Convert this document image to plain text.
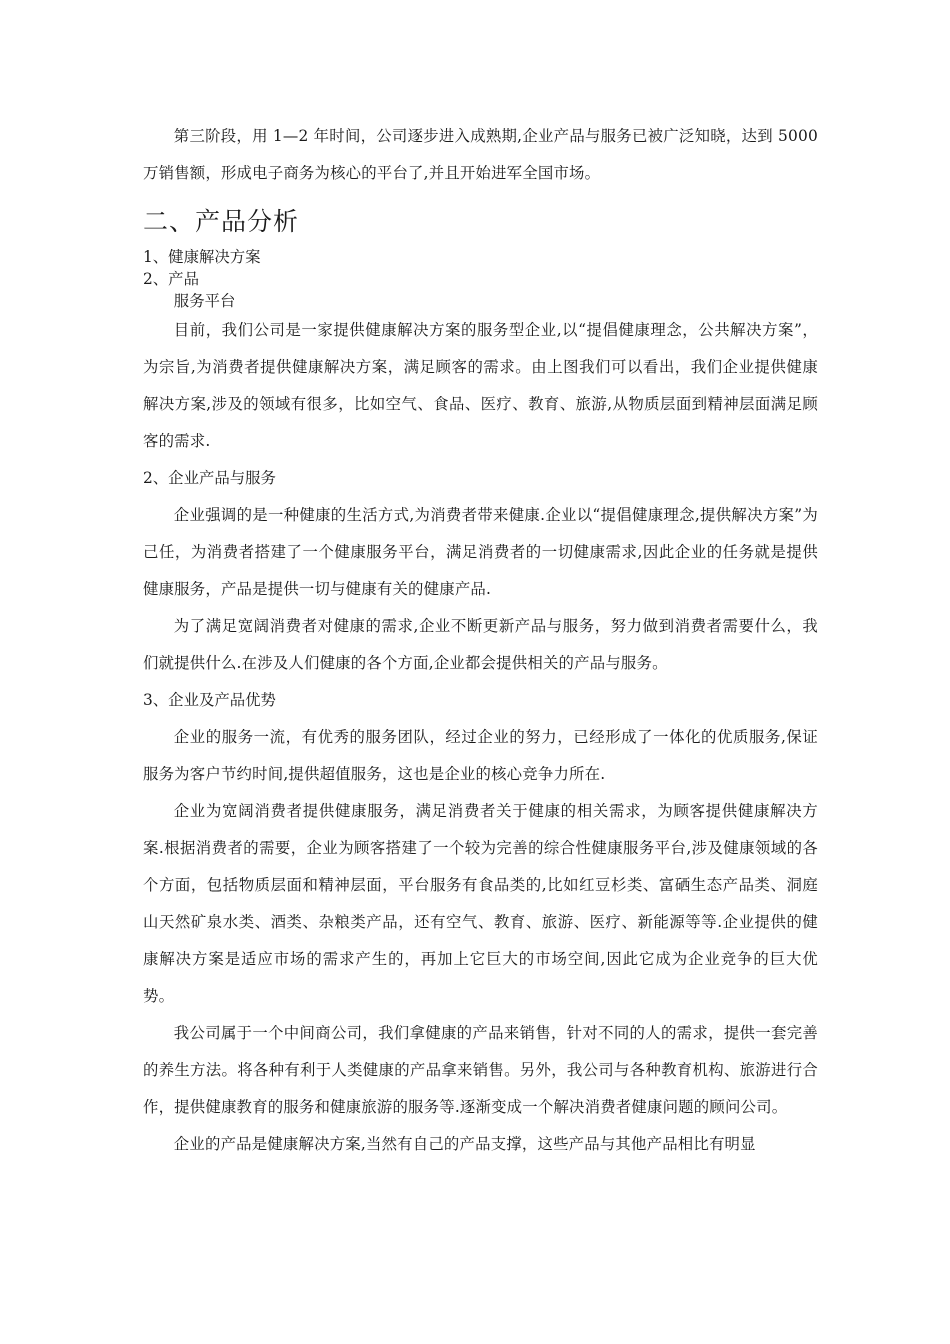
第三阶段，用 1—2 年时间，公司逐步进入成熟期,企业产品与服务已被广泛知晓，达到 5000 万销售额，形成电子商务为核心的平台了,并且开始进军全国市场。

二、产品分析

1、健康解决方案

2、产品

服务平台

目前，我们公司是一家提供健康解决方案的服务型企业,以“提倡健康理念，公共解决方案”，为宗旨,为消费者提供健康解决方案，满足顾客的需求。由上图我们可以看出，我们企业提供健康解决方案,涉及的领域有很多，比如空气、食品、医疗、教育、旅游,从物质层面到精神层面满足顾客的需求.

2、企业产品与服务

企业强调的是一种健康的生活方式,为消费者带来健康.企业以“提倡健康理念,提供解决方案”为己任，为消费者搭建了一个健康服务平台，满足消费者的一切健康需求,因此企业的任务就是提供健康服务，产品是提供一切与健康有关的健康产品.

为了满足宽阔消费者对健康的需求,企业不断更新产品与服务，努力做到消费者需要什么，我们就提供什么.在涉及人们健康的各个方面,企业都会提供相关的产品与服务。

3、企业及产品优势

企业的服务一流，有优秀的服务团队，经过企业的努力，已经形成了一体化的优质服务,保证服务为客户节约时间,提供超值服务，这也是企业的核心竞争力所在.

企业为宽阔消费者提供健康服务，满足消费者关于健康的相关需求，为顾客提供健康解决方案.根据消费者的需要，企业为顾客搭建了一个较为完善的综合性健康服务平台,涉及健康领域的各个方面，包括物质层面和精神层面，平台服务有食品类的,比如红豆杉类、富硒生态产品类、洞庭山天然矿泉水类、酒类、杂粮类产品，还有空气、教育、旅游、医疗、新能源等等.企业提供的健康解决方案是适应市场的需求产生的，再加上它巨大的市场空间,因此它成为企业竞争的巨大优势。

我公司属于一个中间商公司，我们拿健康的产品来销售，针对不同的人的需求，提供一套完善的养生方法。将各种有利于人类健康的产品拿来销售。另外，我公司与各种教育机构、旅游进行合作，提供健康教育的服务和健康旅游的服务等.逐渐变成一个解决消费者健康问题的顾问公司。

企业的产品是健康解决方案,当然有自己的产品支撑，这些产品与其他产品相比有明显
